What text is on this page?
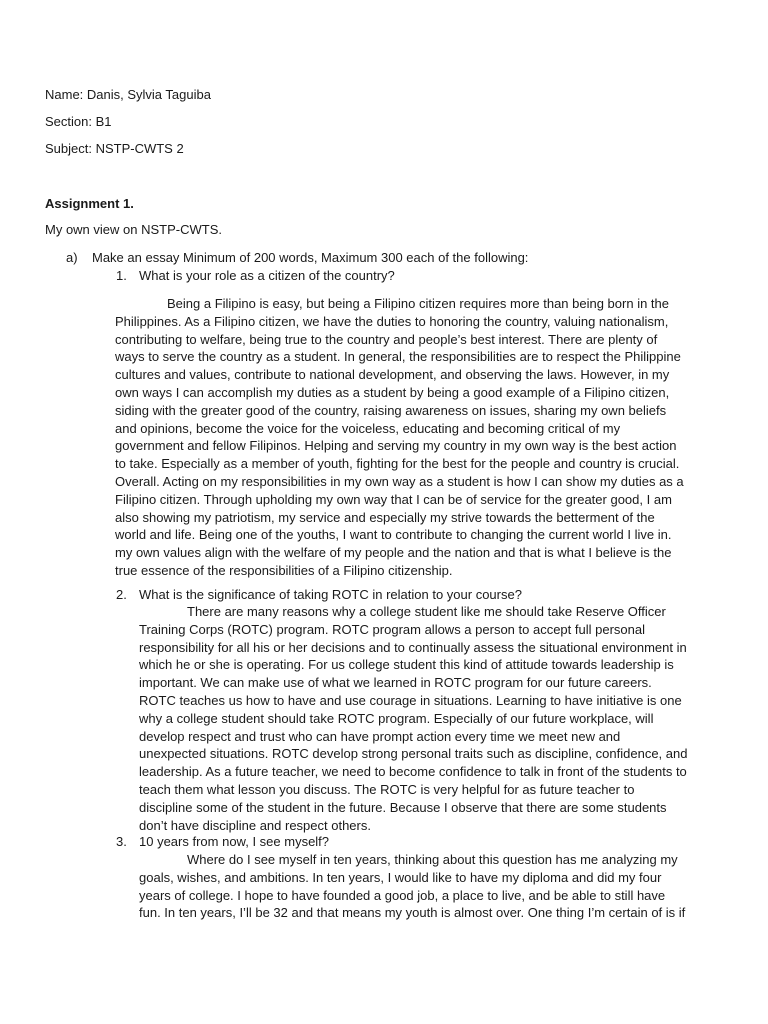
Name: Danis, Sylvia Taguiba
Section: B1
Subject: NSTP-CWTS 2
Assignment 1.
My own view on NSTP-CWTS.
a) Make an essay Minimum of 200 words, Maximum 300 each of the following:
1. What is your role as a citizen of the country?
Being a Filipino is easy, but being a Filipino citizen requires more than being born in the
Philippines. As a Filipino citizen, we have the duties to honoring the country, valuing nationalism,
contributing to welfare, being true to the country and people’s best interest. There are plenty of
ways to serve the country as a student. In general, the responsibilities are to respect the Philippine
cultures and values, contribute to national development, and observing the laws. However, in my
own ways I can accomplish my duties as a student by being a good example of a Filipino citizen,
siding with the greater good of the country, raising awareness on issues, sharing my own beliefs
and opinions, become the voice for the voiceless, educating and becoming critical of my
government and fellow Filipinos. Helping and serving my country in my own way is the best action
to take. Especially as a member of youth, fighting for the best for the people and country is crucial.
Overall. Acting on my responsibilities in my own way as a student is how I can show my duties as a
Filipino citizen. Through upholding my own way that I can be of service for the greater good, I am
also showing my patriotism, my service and especially my strive towards the betterment of the
world and life. Being one of the youths, I want to contribute to changing the current world I live in.
my own values align with the welfare of my people and the nation and that is what I believe is the
true essence of the responsibilities of a Filipino citizenship.
2. What is the significance of taking ROTC in relation to your course?
There are many reasons why a college student like me should take Reserve Officer
Training Corps (ROTC) program. ROTC program allows a person to accept full personal
responsibility for all his or her decisions and to continually assess the situational environment in
which he or she is operating. For us college student this kind of attitude towards leadership is
important. We can make use of what we learned in ROTC program for our future careers.
ROTC teaches us how to have and use courage in situations. Learning to have initiative is one
why a college student should take ROTC program. Especially of our future workplace, will
develop respect and trust who can have prompt action every time we meet new and
unexpected situations. ROTC develop strong personal traits such as discipline, confidence, and
leadership. As a future teacher, we need to become confidence to talk in front of the students to
teach them what lesson you discuss. The ROTC is very helpful for as future teacher to
discipline some of the student in the future. Because I observe that there are some students
don’t have discipline and respect others.
3. 10 years from now, I see myself?
Where do I see myself in ten years, thinking about this question has me analyzing my
goals, wishes, and ambitions. In ten years, I would like to have my diploma and did my four
years of college. I hope to have founded a good job, a place to live, and be able to still have
fun. In ten years, I’ll be 32 and that means my youth is almost over. One thing I’m certain of is if
